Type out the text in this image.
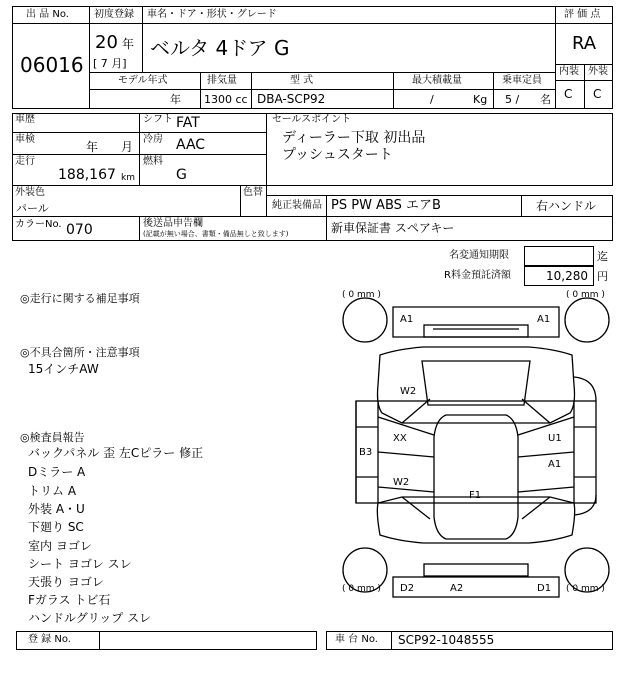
出 品 No.
06016
初度登録
20 年
[ 7 月]
車名・ドア・形状・グレード
ベルタ 4ドア G
評 価 点
RA
内装 外装
C C
モデル年式	排気量	型 式	最大積載量	乗車定員
年 1300 cc DBA-SCP92	/	Kg 5 / 名
車歴	シフト FAT
車検
年 月
冷房 AAC
走行
188,167 km
燃料
G
セールスポイント
ディーラー下取 初出品
プッシュスタート
外装色
パール
色替
純正装備品 PS PW ABS エアB	右ハンドル
カラーNo. 070	後送品申告欄
(記載が無い場合、書類・備品無しと致します)	新車保証書 スペアキー
名変通知期限	迄
R料金預託済額	10,280 円
◎走行に関する補足事項
◎不具合箇所・注意事項
15インチAW
◎検査員報告
バックパネル 歪 左Cピラー 修正
Dミラー A
トリム A
外装 A・U
下廻り SC
室内 ヨゴレ
シート ヨゴレ スレ
天張り ヨゴレ
Fガラス トビ石
ハンドルグリップ スレ
( 0 mm )	( 0 mm )
( 0 mm )	( 0 mm )
A1	A1
W2
B3
XX	U1
A1
W2
F1
D2	A2	D1
登 録 No.	車 台 No. SCP92-1048555
